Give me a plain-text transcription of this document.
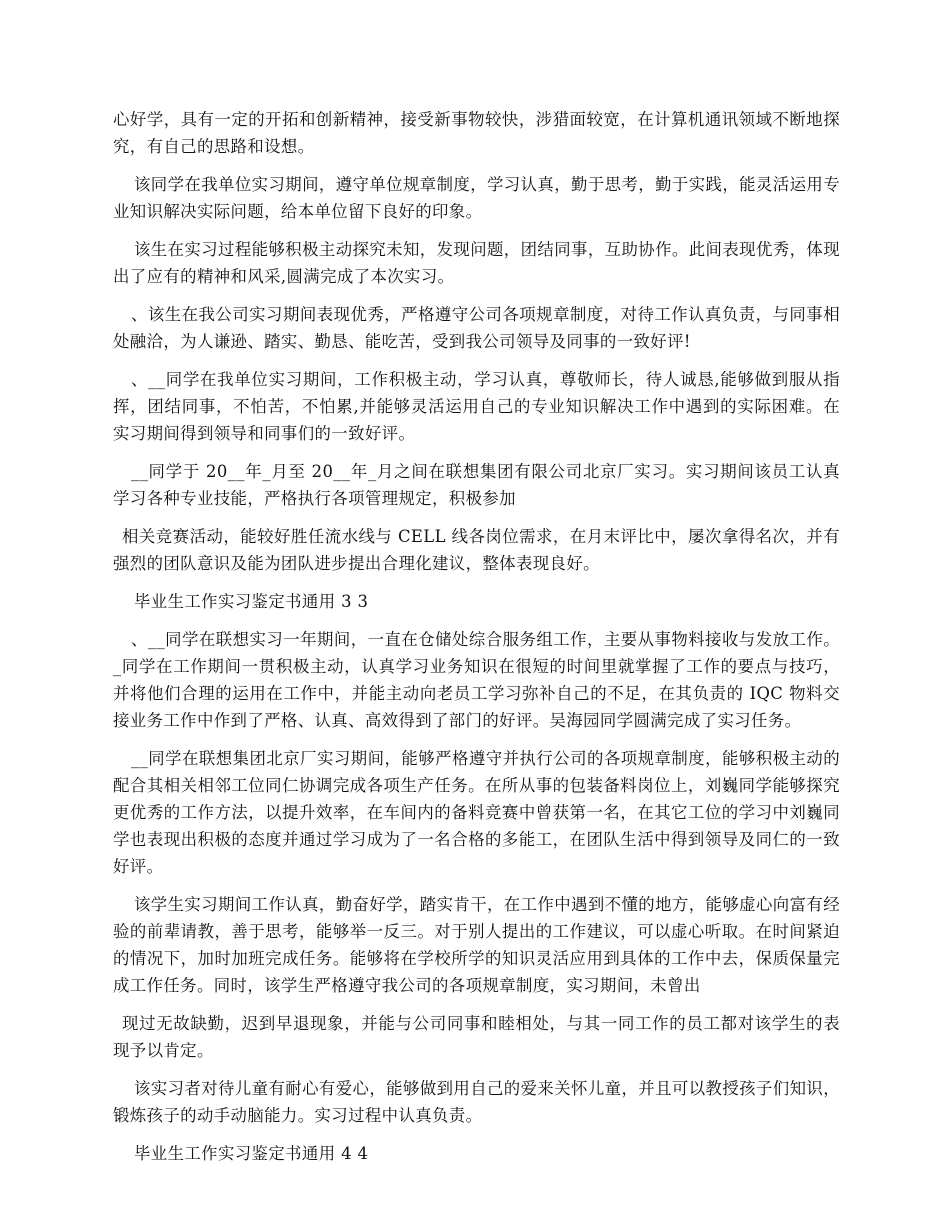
心好学，具有一定的开拓和创新精神，接受新事物较快，涉猎面较宽，在计算机通讯领域不断地探究，有自己的思路和设想。

该同学在我单位实习期间，遵守单位规章制度，学习认真，勤于思考，勤于实践，能灵活运用专业知识解决实际问题，给本单位留下良好的印象。

该生在实习过程能够积极主动探究未知，发现问题，团结同事，互助协作。此间表现优秀，体现出了应有的精神和风采,圆满完成了本次实习。

、该生在我公司实习期间表现优秀，严格遵守公司各项规章制度，对待工作认真负责，与同事相处融洽，为人谦逊、踏实、勤恳、能吃苦，受到我公司领导及同事的一致好评!

、__同学在我单位实习期间，工作积极主动，学习认真，尊敬师长，待人诚恳,能够做到服从指挥，团结同事，不怕苦，不怕累,并能够灵活运用自己的专业知识解决工作中遇到的实际困难。在实习期间得到领导和同事们的一致好评。

__同学于 20__年_月至 20__年_月之间在联想集团有限公司北京厂实习。实习期间该员工认真学习各种专业技能，严格执行各项管理规定，积极参加

相关竞赛活动，能较好胜任流水线与 CELL 线各岗位需求，在月末评比中，屡次拿得名次，并有强烈的团队意识及能为团队进步提出合理化建议，整体表现良好。

毕业生工作实习鉴定书通用 3 3

、__同学在联想实习一年期间，一直在仓储处综合服务组工作，主要从事物料接收与发放工作。_同学在工作期间一贯积极主动，认真学习业务知识在很短的时间里就掌握了工作的要点与技巧，并将他们合理的运用在工作中，并能主动向老员工学习弥补自己的不足，在其负责的 IQC 物料交接业务工作中作到了严格、认真、高效得到了部门的好评。吴海园同学圆满完成了实习任务。

__同学在联想集团北京厂实习期间，能够严格遵守并执行公司的各项规章制度，能够积极主动的配合其相关相邻工位同仁协调完成各项生产任务。在所从事的包装备料岗位上，刘巍同学能够探究更优秀的工作方法，以提升效率，在车间内的备料竞赛中曾获第一名，在其它工位的学习中刘巍同学也表现出积极的态度并通过学习成为了一名合格的多能工，在团队生活中得到领导及同仁的一致好评。

该学生实习期间工作认真，勤奋好学，踏实肯干，在工作中遇到不懂的地方，能够虚心向富有经验的前辈请教，善于思考，能够举一反三。对于别人提出的工作建议，可以虚心听取。在时间紧迫的情况下，加时加班完成任务。能够将在学校所学的知识灵活应用到具体的工作中去，保质保量完成工作任务。同时，该学生严格遵守我公司的各项规章制度，实习期间，未曾出

现过无故缺勤，迟到早退现象，并能与公司同事和睦相处，与其一同工作的员工都对该学生的表现予以肯定。

该实习者对待儿童有耐心有爱心，能够做到用自己的爱来关怀儿童，并且可以教授孩子们知识，锻炼孩子的动手动脑能力。实习过程中认真负责。

毕业生工作实习鉴定书通用 4 4
